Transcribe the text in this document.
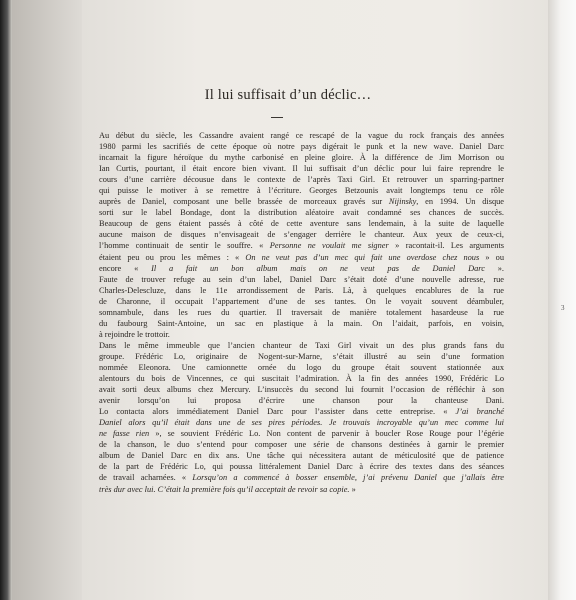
Il lui suffisait d’un déclic…
3
Au début du siècle, les Cassandre avaient rangé ce rescapé de la vague du rock français des années
1980 parmi les sacrifiés de cette époque où notre pays digérait le punk et la new wave. Daniel Darc
incarnait la figure héroïque du mythe carbonisé en pleine gloire. À la différence de Jim Morrison ou
Ian Curtis, pourtant, il était encore bien vivant. Il lui suffisait d’un déclic pour lui faire reprendre le
cours d’une carrière décousue dans le contexte de l’après Taxi Girl. Et retrouver un sparring-partner
qui puisse le motiver à se remettre à l’écriture. Georges Betzounis avait longtemps tenu ce rôle
auprès de Daniel, composant une belle brassée de morceaux gravés sur Nijinsky, en 1994. Un disque
sorti sur le label Bondage, dont la distribution aléatoire avait condamné ses chances de succès.
Beaucoup de gens étaient passés à côté de cette aventure sans lendemain, à la suite de laquelle
aucune maison de disques n’envisageait de s’engager derrière le chanteur. Aux yeux de ceux-ci,
l’homme continuait de sentir le souffre. « Personne ne voulait me signer » racontait-il. Les arguments
étaient peu ou prou les mêmes : « On ne veut pas d’un mec qui fait une overdose chez nous » ou
encore « Il a fait un bon album mais on ne veut pas de Daniel Darc ».
Faute de trouver refuge au sein d’un label, Daniel Darc s’était doté d’une nouvelle adresse, rue
Charles-Delescluze, dans le 11e arrondissement de Paris. Là, à quelques encablures de la rue
de Charonne, il occupait l’appartement d’une de ses tantes. On le voyait souvent déambuler,
somnambule, dans les rues du quartier. Il traversait de manière totalement hasardeuse la rue
du faubourg Saint-Antoine, un sac en plastique à la main. On l’aidait, parfois, en voisin,
à rejoindre le trottoir.
Dans le même immeuble que l’ancien chanteur de Taxi Girl vivait un des plus grands fans du
groupe. Frédéric Lo, originaire de Nogent-sur-Marne, s’était illustré au sein d’une formation
nommée Eleonora. Une camionnette ornée du logo du groupe était souvent stationnée aux
alentours du bois de Vincennes, ce qui suscitait l’admiration. À la fin des années 1990, Frédéric Lo
avait sorti deux albums chez Mercury. L’insuccès du second lui fournit l’occasion de réfléchir à son
avenir lorsqu’on lui proposa d’écrire une chanson pour la chanteuse Dani.
Lo contacta alors immédiatement Daniel Darc pour l’assister dans cette entreprise. « J’ai branché
Daniel alors qu’il était dans une de ses pires périodes. Je trouvais incroyable qu’un mec comme lui
ne fasse rien », se souvient Frédéric Lo. Non content de parvenir à boucler Rose Rouge pour l’égérie
de la chanson, le duo s’entend pour composer une série de chansons destinées à garnir le premier
album de Daniel Darc en dix ans. Une tâche qui nécessitera autant de méticulosité que de patience
de la part de Frédéric Lo, qui poussa littéralement Daniel Darc à écrire des textes dans des séances
de travail acharnées. « Lorsqu’on a commencé à bosser ensemble, j’ai prévenu Daniel que j’allais être
très dur avec lui. C’était la première fois qu’il acceptait de revoir sa copie. »
